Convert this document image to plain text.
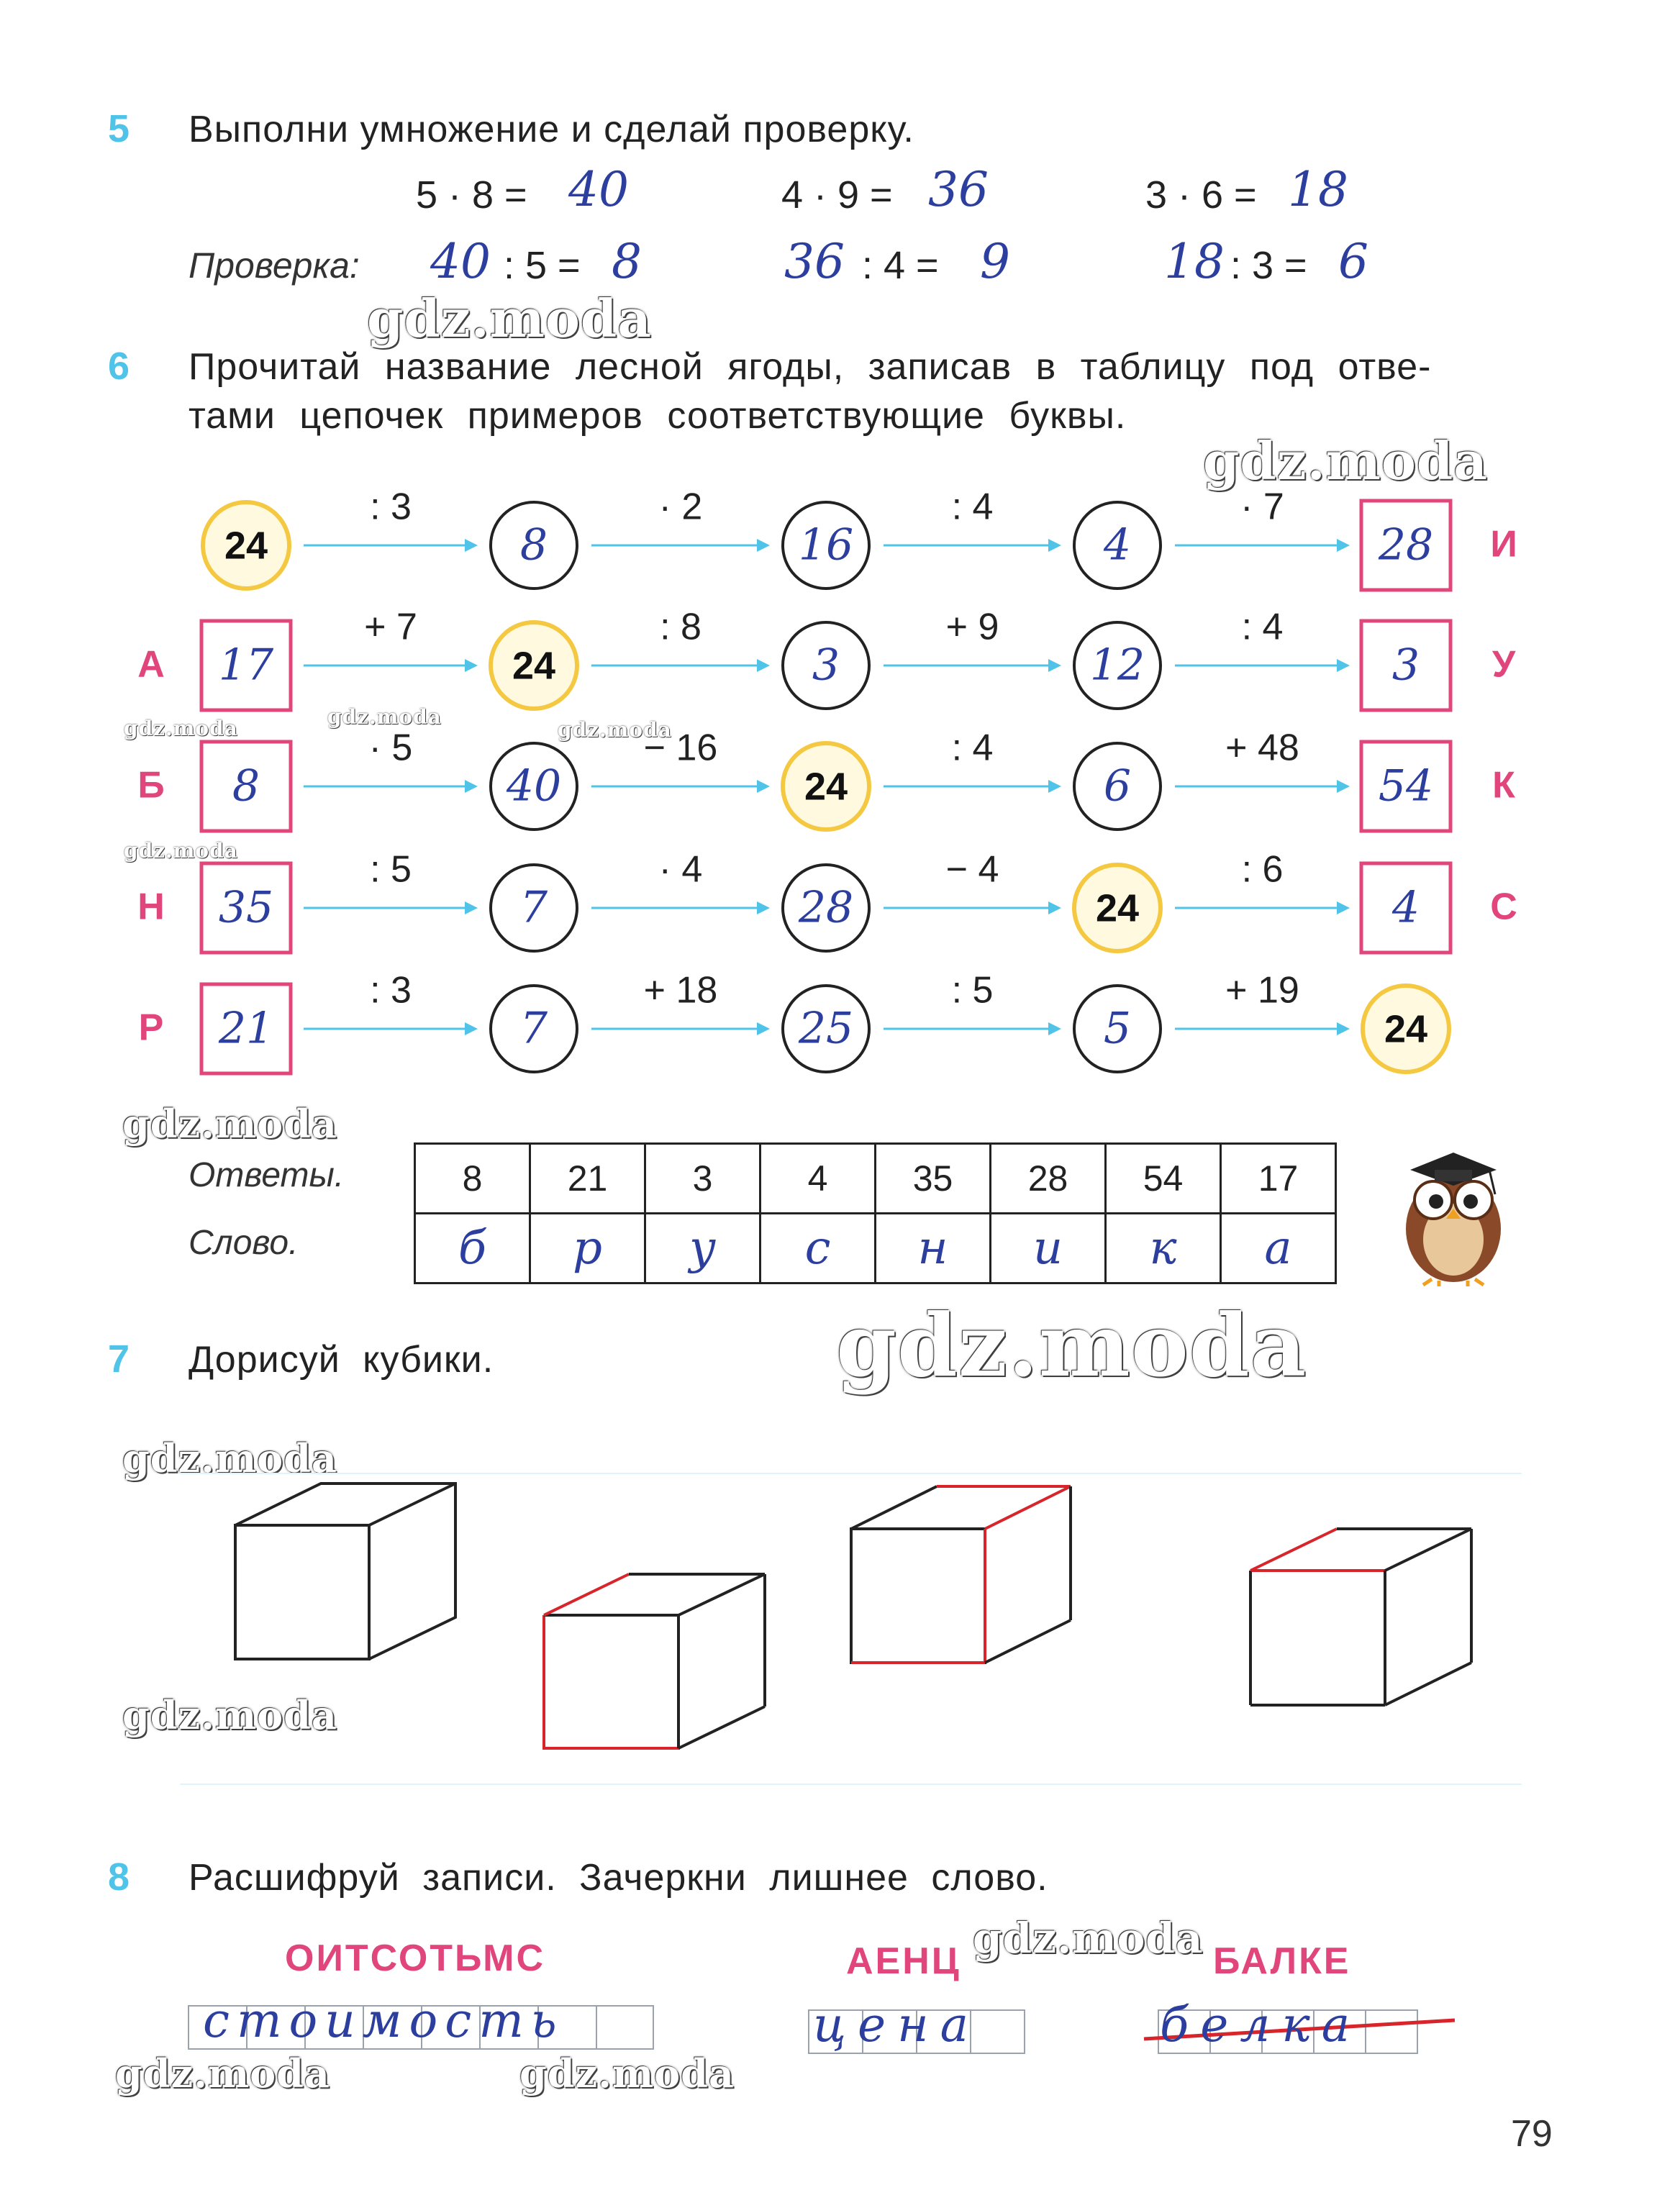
5 Выполни умножение и сделай проверку.
5 · 8 = 40	4 · 9 = 36	3 · 6 = 18
Проверка: 40 : 5 = 8	36 : 4 = 9	18 : 3 = 6
gdz.moda
6 Прочитай название лесной ягоды, записав в таблицу под отве-
тами цепочек примеров соответствующие буквы.
gdz.moda
: 3	· 2	: 4	· 7
24	8	16	4	28 И
+ 7	: 8	+ 9	: 4
17	24	3	12	3
А	У
· 5	− 16	: 4	+ 48
8	40	24	6	54
Б	К
: 5	· 4	− 4	: 6
35	7	28	24	4
Н	С
: 3	+ 18	: 5	+ 19
21	7	25	5	24
Р
gdz.moda	gdz.moda
gdz.moda
gdz.moda
gdz.moda
Ответы.
Слово.
8	21	3	4	35	28	54	17
б	р	у	с	н	и	к	а
7 Дорисуй кубики.	gdz.moda
gdz.moda
gdz.moda
8 Расшифруй записи. Зачеркни лишнее слово.
ОИТСОТЬМС	АЕНЦ	БАЛКЕ
gdz.moda
стоимость	цена	белка
gdz.moda	gdz.moda
79
